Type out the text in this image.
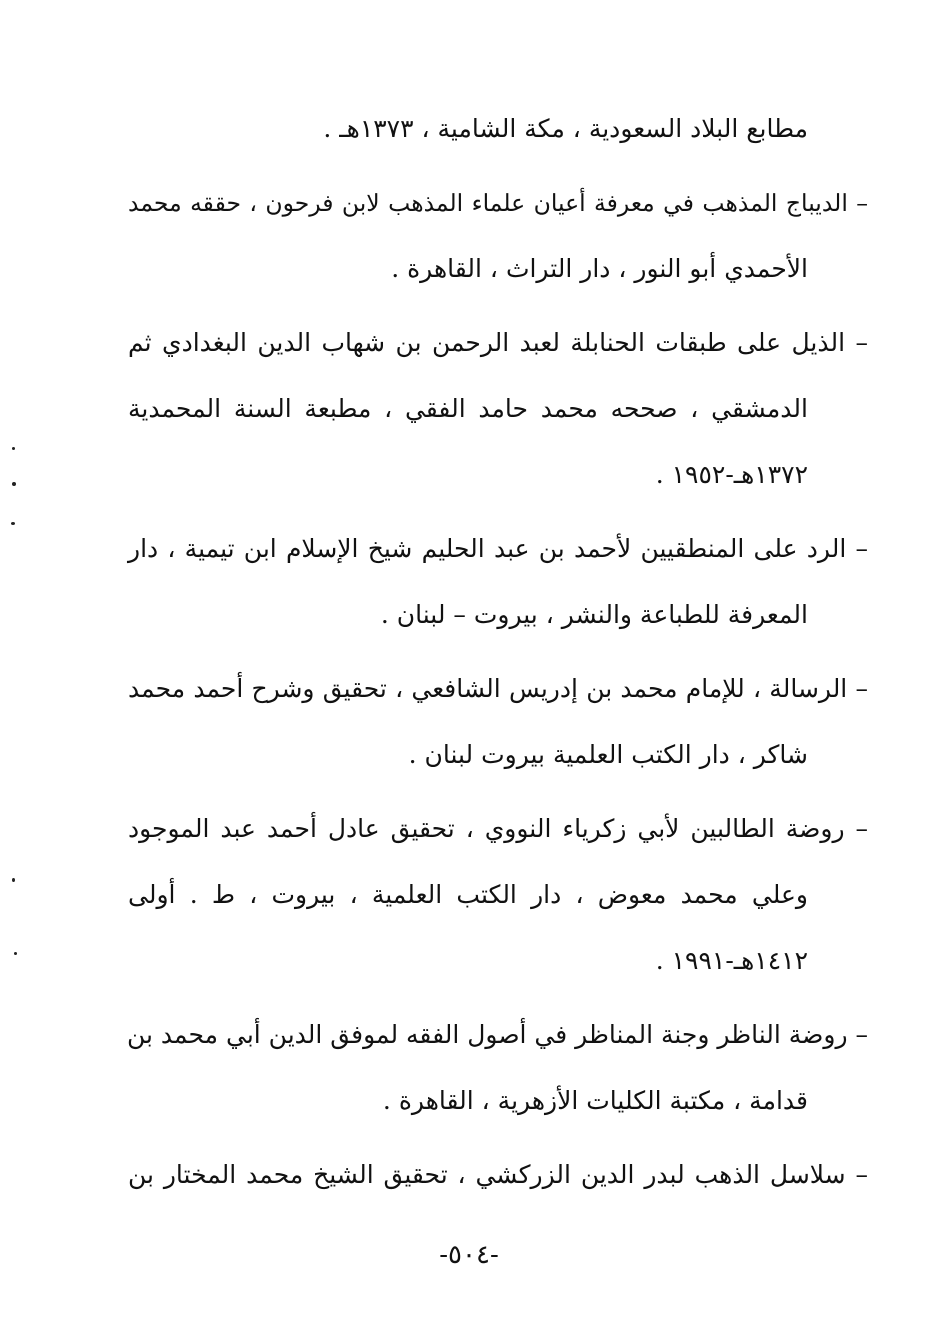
مطابع البلاد السعودية ، مكة الشامية ، ١٣٧٣هـ .
– الديباج المذهب في معرفة أعيان علماء المذهب لابن فرحون ، حققه محمد
الأحمدي أبو النور ، دار التراث ، القاهرة .
– الذيل على طبقات الحنابلة لعبد الرحمن بن شهاب الدين البغدادي ثم
الدمشقي ، صححه محمد حامد الفقي ، مطبعة السنة المحمدية
١٣٧٢هـ-١٩٥٢ .
– الرد على المنطقيين لأحمد بن عبد الحليم شيخ الإسلام ابن تيمية ، دار
المعرفة للطباعة والنشر ، بيروت – لبنان .
– الرسالة ، للإمام محمد بن إدريس الشافعي ، تحقيق وشرح أحمد محمد
شاكر ، دار الكتب العلمية بيروت لبنان .
– روضة الطالبين لأبي زكرياء النووي ، تحقيق عادل أحمد عبد الموجود
وعلي محمد معوض ، دار الكتب العلمية ، بيروت ، ط . أولى
١٤١٢هـ-١٩٩١ .
– روضة الناظر وجنة المناظر في أصول الفقه لموفق الدين أبي محمد بن
قدامة ، مكتبة الكليات الأزهرية ، القاهرة .
– سلاسل الذهب لبدر الدين الزركشي ، تحقيق الشيخ محمد المختار بن
-٥٠٤-
